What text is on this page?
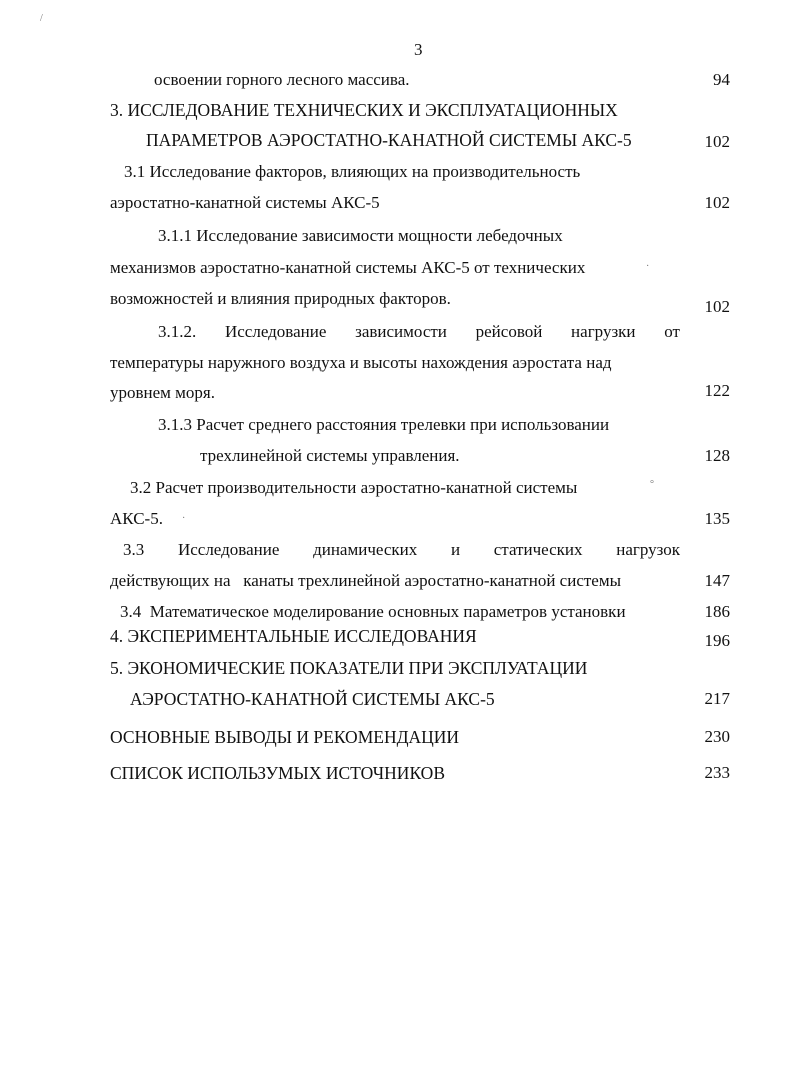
/
·
°
·
3
освоении горного лесного массива.	94
3. ИССЛЕДОВАНИЕ ТЕХНИЧЕСКИХ И ЭКСПЛУАТАЦИОННЫХ
ПАРАМЕТРОВ АЭРОСТАТНО-КАНАТНОЙ СИСТЕМЫ АКС-5	102
3.1 Исследование факторов, влияющих на производительность
аэростатно-канатной системы АКС-5	102
3.1.1 Исследование зависимости мощности лебедочных
механизмов аэростатно-канатной системы АКС-5 от технических
возможностей и влияния природных факторов.	102
3.1.2. Исследование зависимости рейсовой нагрузки от
температуры наружного воздуха и высоты нахождения аэростата над
уровнем моря.	122
3.1.3 Расчет среднего расстояния трелевки при использовании
трехлинейной системы управления.	128
3.2 Расчет производительности аэростатно-канатной системы
АКС-5.	135
3.3 Исследование динамических и статических нагрузок
действующих на   канаты трехлинейной аэростатно-канатной системы	147
3.4  Математическое моделирование основных параметров установки	186
4. ЭКСПЕРИМЕНТАЛЬНЫЕ ИССЛЕДОВАНИЯ	196
5. ЭКОНОМИЧЕСКИЕ ПОКАЗАТЕЛИ ПРИ ЭКСПЛУАТАЦИИ
АЭРОСТАТНО-КАНАТНОЙ СИСТЕМЫ АКС-5	217
ОСНОВНЫЕ ВЫВОДЫ И РЕКОМЕНДАЦИИ	230
СПИСОК ИСПОЛЬЗУМЫХ ИСТОЧНИКОВ	233
